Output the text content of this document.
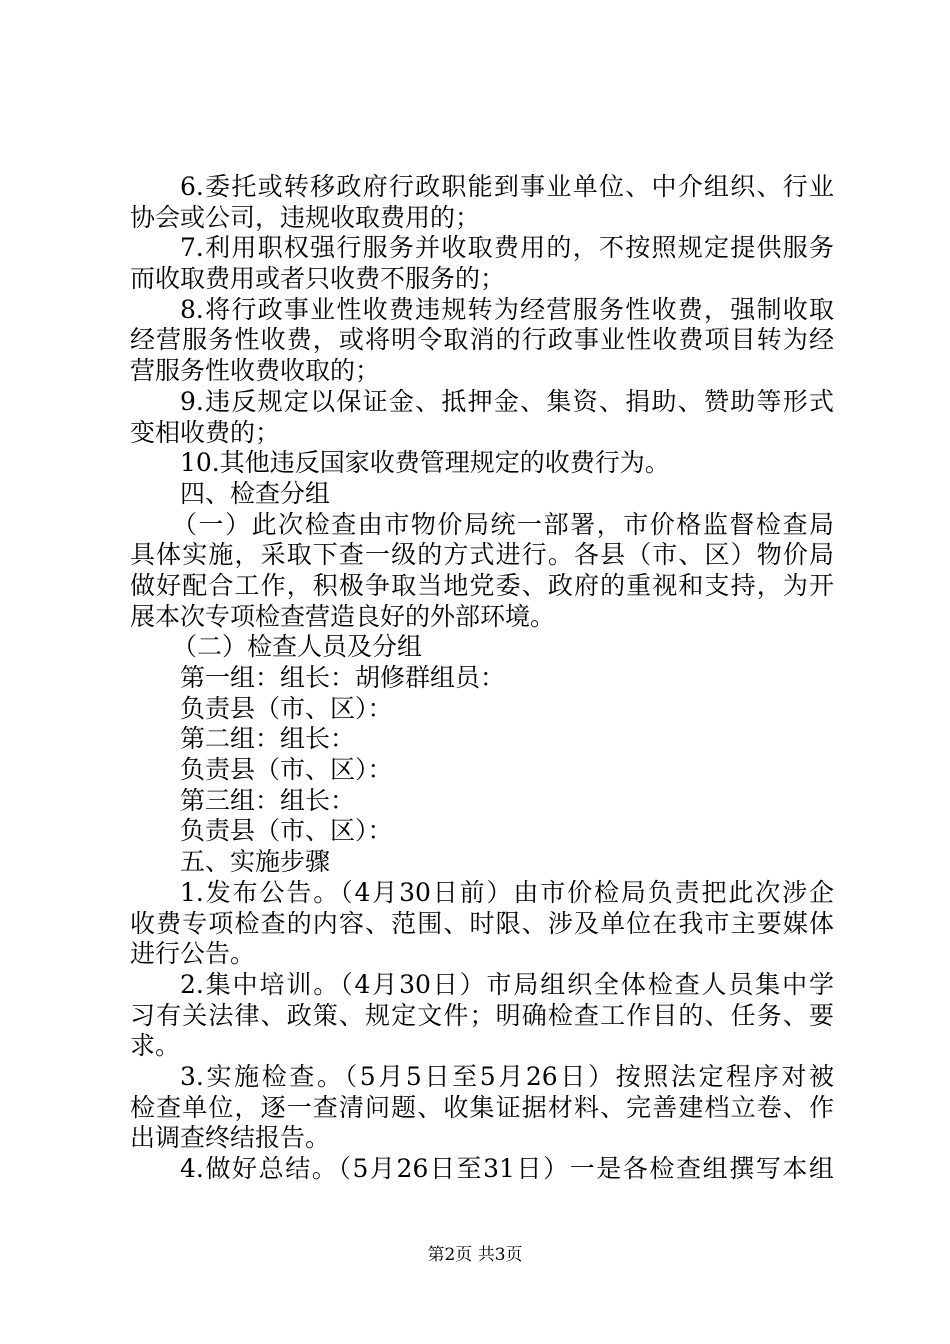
6.委托或转移政府行政职能到事业单位、中介组织、行业
协会或公司，违规收取费用的；
7.利用职权强行服务并收取费用的，不按照规定提供服务
而收取费用或者只收费不服务的；
8.将行政事业性收费违规转为经营服务性收费，强制收取
经营服务性收费，或将明令取消的行政事业性收费项目转为经
营服务性收费收取的；
9.违反规定以保证金、抵押金、集资、捐助、赞助等形式
变相收费的；
10.其他违反国家收费管理规定的收费行为。
四、检查分组
（一）此次检查由市物价局统一部署，市价格监督检查局
具体实施，采取下查一级的方式进行。各县（市、区）物价局
做好配合工作，积极争取当地党委、政府的重视和支持，为开
展本次专项检查营造良好的外部环境。
（二）检查人员及分组
第一组：组长：胡修群组员：
负责县（市、区）：
第二组：组长：
负责县（市、区）：
第三组：组长：
负责县（市、区）：
五、实施步骤
1.发布公告。（4月30日前）由市价检局负责把此次涉企
收费专项检查的内容、范围、时限、涉及单位在我市主要媒体
进行公告。
2.集中培训。（4月30日）市局组织全体检查人员集中学
习有关法律、政策、规定文件；明确检查工作目的、任务、要
求。
3.实施检查。（5月5日至5月26日）按照法定程序对被
检查单位，逐一查清问题、收集证据材料、完善建档立卷、作
出调查终结报告。
4.做好总结。（5月26日至31日）一是各检查组撰写本组
第2页 共3页
